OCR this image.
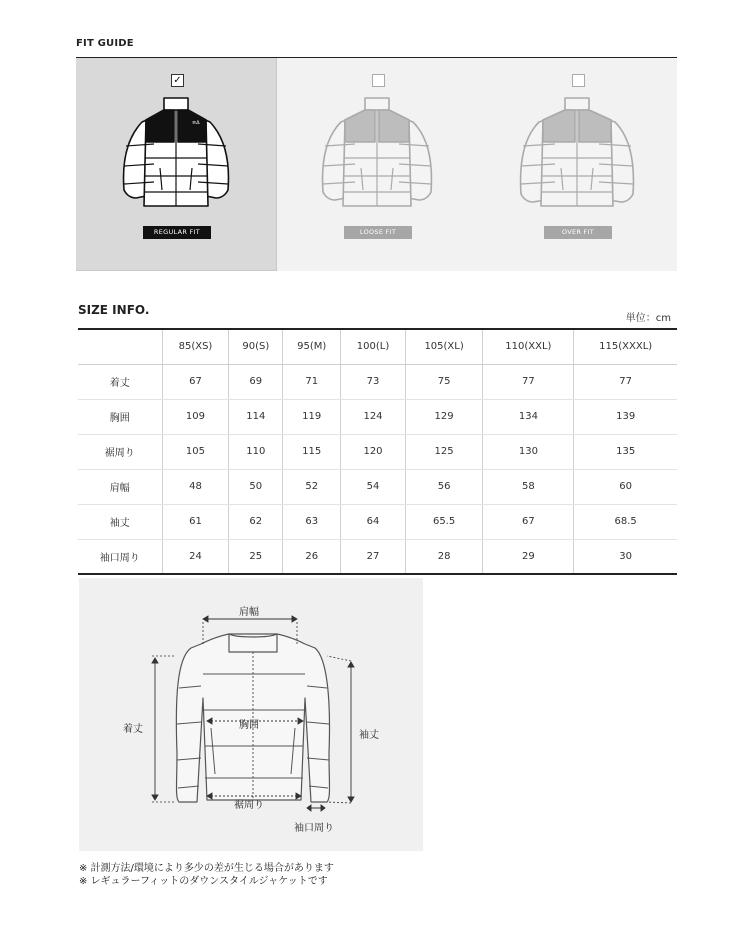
FIT GUIDE
✓
≡∆
REGULAR FIT	LOOSE FIT	OVER FIT
SIZE INFO.
単位：cm
	85(XS)	90(S)	95(M)	100(L)	105(XL)	110(XXL)	115(XXXL)
着丈	67	69	71	73	75	77	77
胸囲	109	114	119	124	129	134	139
裾周り	105	110	115	120	125	130	135
肩幅	48	50	52	54	56	58	60
袖丈	61	62	63	64	65.5	67	68.5
袖口周り	24	25	26	27	28	29	30
肩幅
着丈	胸囲
袖丈
裾周り
袖口周り
※ 計測方法/環境により多少の差が生じる場合があります
※ レギュラーフィットのダウンスタイルジャケットです
